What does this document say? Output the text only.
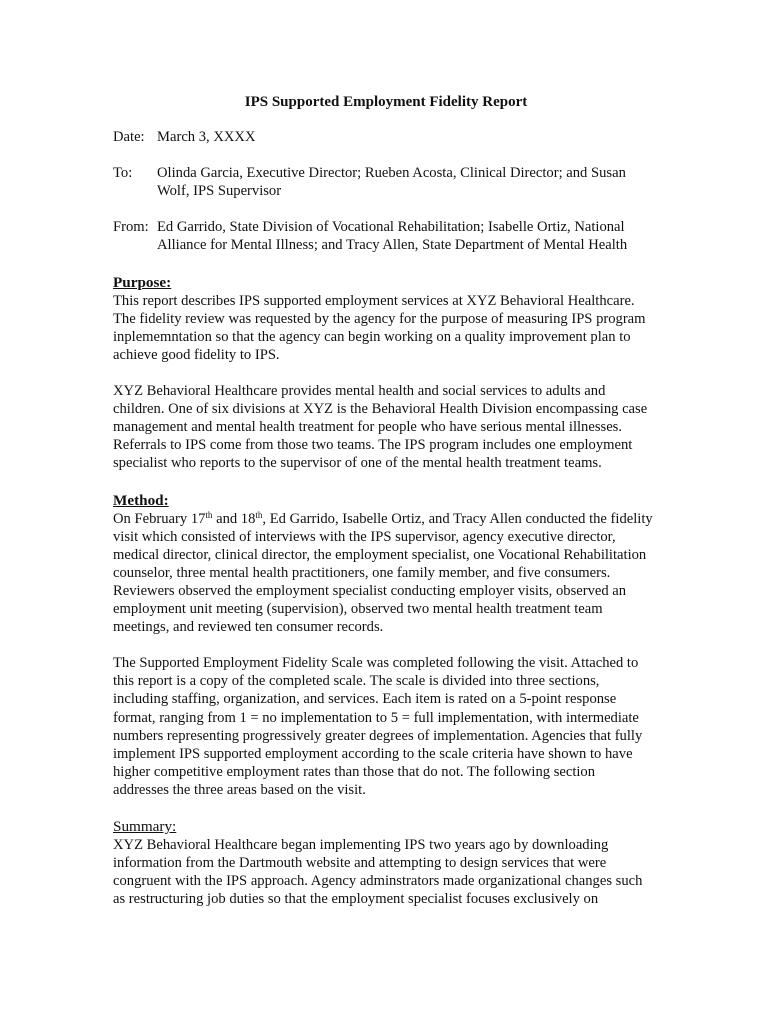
IPS Supported Employment Fidelity Report
Date: March 3, XXXX
To:	Olinda Garcia, Executive Director; Rueben Acosta, Clinical Director; and Susan Wolf, IPS Supervisor
From: Ed Garrido, State Division of Vocational Rehabilitation; Isabelle Ortiz, National Alliance for Mental Illness; and Tracy Allen, State Department of Mental Health
Purpose:

This report describes IPS supported employment services at XYZ Behavioral Healthcare. The fidelity review was requested by the agency for the purpose of measuring IPS program inplememntation so that the agency can begin working on a quality improvement plan to achieve good fidelity to IPS.

XYZ Behavioral Healthcare provides mental health and social services to adults and children. One of six divisions at XYZ is the Behavioral Health Division encompassing case management and mental health treatment for people who have serious mental illnesses. Referrals to IPS come from those two teams. The IPS program includes one employment specialist who reports to the supervisor of one of the mental health treatment teams.

Method:

On February 17th and 18th, Ed Garrido, Isabelle Ortiz, and Tracy Allen conducted the fidelity visit which consisted of interviews with the IPS supervisor, agency executive director, medical director, clinical director, the employment specialist, one Vocational Rehabilitation counselor, three mental health practitioners, one family member, and five consumers. Reviewers observed the employment specialist conducting employer visits, observed an employment unit meeting (supervision), observed two mental health treatment team meetings, and reviewed ten consumer records.

The Supported Employment Fidelity Scale was completed following the visit. Attached to this report is a copy of the completed scale. The scale is divided into three sections, including staffing, organization, and services. Each item is rated on a 5-point response format, ranging from 1 = no implementation to 5 = full implementation, with intermediate numbers representing progressively greater degrees of implementation. Agencies that fully implement IPS supported employment according to the scale criteria have shown to have higher competitive employment rates than those that do not. The following section addresses the three areas based on the visit.

Summary:

XYZ Behavioral Healthcare began implementing IPS two years ago by downloading information from the Dartmouth website and attempting to design services that were congruent with the IPS approach. Agency adminstrators made organizational changes such as restructuring job duties so that the employment specialist focuses exclusively on
